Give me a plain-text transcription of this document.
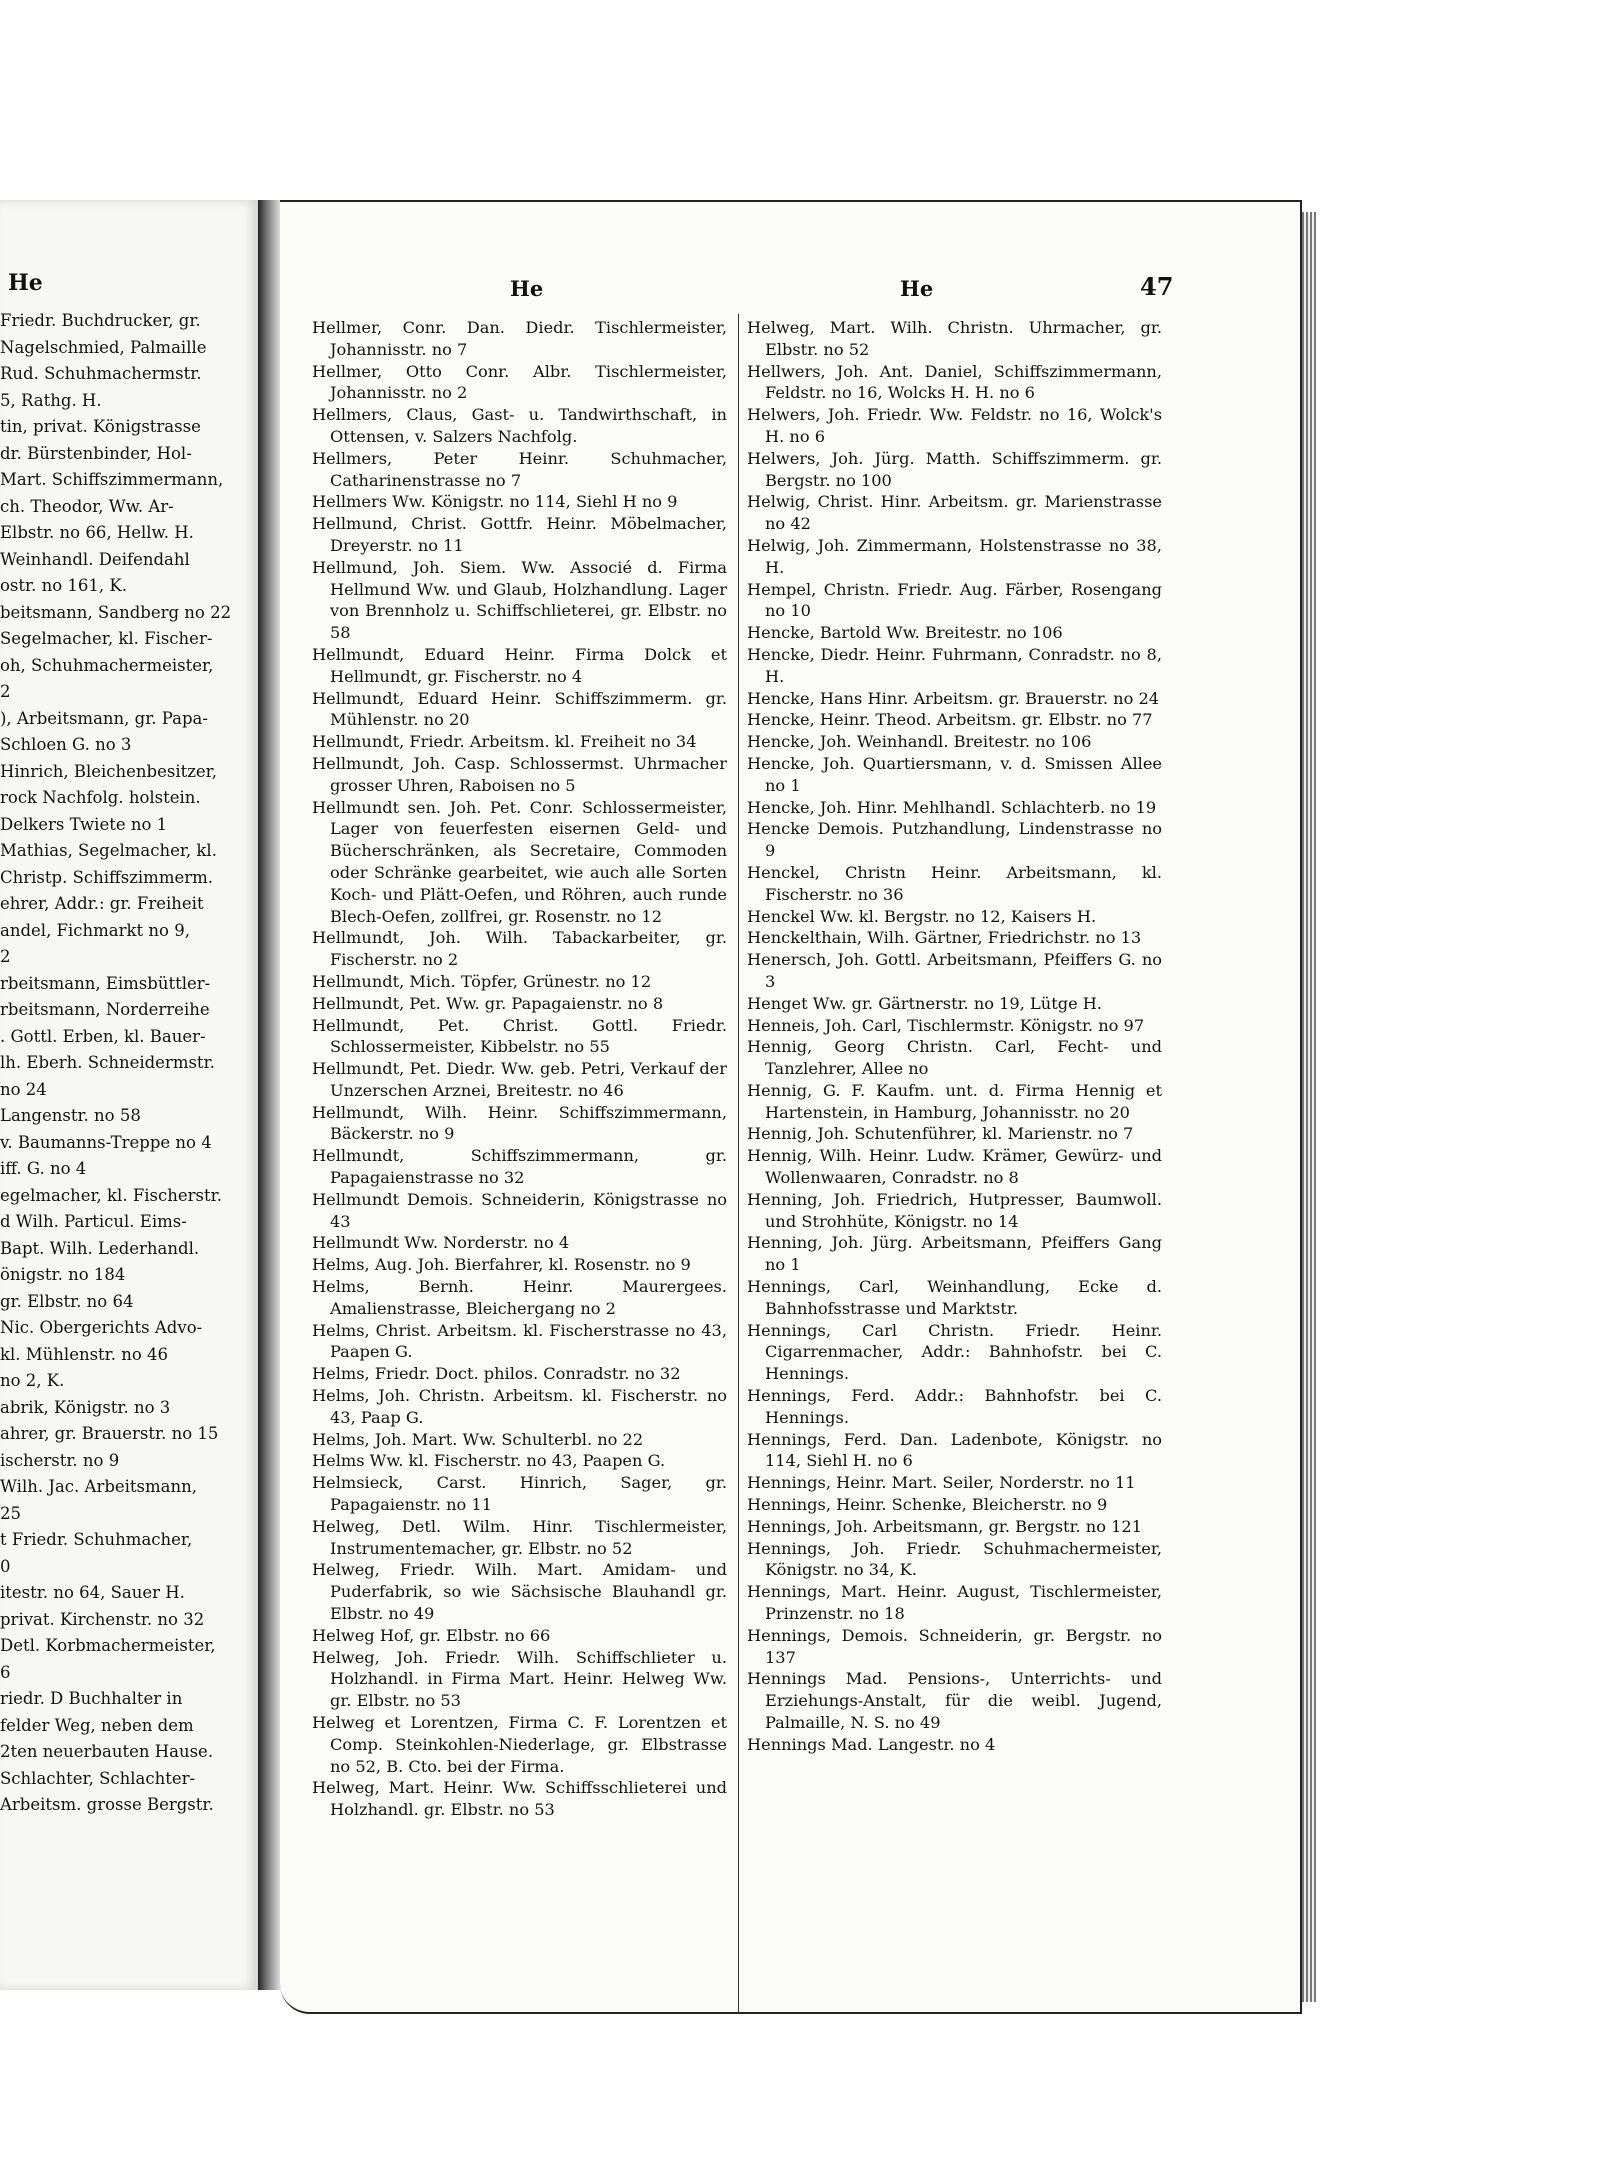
He
Friedr. Buchdrucker, gr.
Nagelschmied, Palmaille
Rud. Schuhmachermstr.
5, Rathg. H.
tin, privat. Königstrasse
dr. Bürstenbinder, Hol-
Mart. Schiffszimmermann,
ch. Theodor, Ww. Ar-
Elbstr. no 66, Hellw. H.
Weinhandl. Deifendahl
ostr. no 161, K.
beitsmann, Sandberg no 22
Segelmacher, kl. Fischer-
oh, Schuhmachermeister,
2
), Arbeitsmann, gr. Papa-
Schloen G. no 3
Hinrich, Bleichenbesitzer,
rock Nachfolg. holstein.
Delkers Twiete no 1
Mathias, Segelmacher, kl.
Christp. Schiffszimmerm.
ehrer, Addr.: gr. Freiheit
andel, Fichmarkt no 9,
2
rbeitsmann, Eimsbüttler-
rbeitsmann, Norderreihe
. Gottl. Erben, kl. Bauer-
lh. Eberh. Schneidermstr.
no 24
Langenstr. no 58
v. Baumanns-Treppe no 4
iff. G. no 4
egelmacher, kl. Fischerstr.
d Wilh. Particul. Eims-
Bapt. Wilh. Lederhandl.
önigstr. no 184
gr. Elbstr. no 64
Nic. Obergerichts Advo-
kl. Mühlenstr. no 46
no 2, K.
abrik, Königstr. no 3
ahrer, gr. Brauerstr. no 15
ischerstr. no 9
Wilh. Jac. Arbeitsmann,
25
t Friedr. Schuhmacher,
0
itestr. no 64, Sauer H.
privat. Kirchenstr. no 32
Detl. Korbmachermeister,
6
riedr. D Buchhalter in
felder Weg, neben dem
2ten neuerbauten Hause.
Schlachter, Schlachter-
Arbeitsm. grosse Bergstr.
He	He	47
Hellmer, Conr. Dan. Diedr. Tischlermeister, Johannisstr. no 7
Hellmer, Otto Conr. Albr. Tischlermeister, Johannisstr. no 2
Hellmers, Claus, Gast- u. Tandwirthschaft, in Ottensen, v. Salzers Nachfolg.
Hellmers, Peter Heinr. Schuhmacher, Catharinenstrasse no 7
Hellmers Ww. Königstr. no 114, Siehl H no 9
Hellmund, Christ. Gottfr. Heinr. Möbelmacher, Dreyerstr. no 11
Hellmund, Joh. Siem. Ww. Associé d. Firma Hellmund Ww. und Glaub, Holzhandlung. Lager von Brennholz u. Schiffschlieterei, gr. Elbstr. no 58
Hellmundt, Eduard Heinr. Firma Dolck et Hellmundt, gr. Fischerstr. no 4
Hellmundt, Eduard Heinr. Schiffszimmerm. gr. Mühlenstr. no 20
Hellmundt, Friedr. Arbeitsm. kl. Freiheit no 34
Hellmundt, Joh. Casp. Schlossermst. Uhrmacher grosser Uhren, Raboisen no 5
Hellmundt sen. Joh. Pet. Conr. Schlossermeister, Lager von feuerfesten eisernen Geld- und Bücherschränken, als Secretaire, Commoden oder Schränke gearbeitet, wie auch alle Sorten Koch- und Plätt-Oefen, und Röhren, auch runde Blech-Oefen, zollfrei, gr. Rosenstr. no 12
Hellmundt, Joh. Wilh. Tabackarbeiter, gr. Fischerstr. no 2
Hellmundt, Mich. Töpfer, Grünestr. no 12
Hellmundt, Pet. Ww. gr. Papagaienstr. no 8
Hellmundt, Pet. Christ. Gottl. Friedr. Schlossermeister, Kibbelstr. no 55
Hellmundt, Pet. Diedr. Ww. geb. Petri, Verkauf der Unzerschen Arznei, Breitestr. no 46
Hellmundt, Wilh. Heinr. Schiffszimmermann, Bäckerstr. no 9
Hellmundt, Schiffszimmermann, gr. Papagaienstrasse no 32
Hellmundt Demois. Schneiderin, Königstrasse no 43
Hellmundt Ww. Norderstr. no 4
Helms, Aug. Joh. Bierfahrer, kl. Rosenstr. no 9
Helms, Bernh. Heinr. Maurergees. Amalienstrasse, Bleichergang no 2
Helms, Christ. Arbeitsm. kl. Fischerstrasse no 43, Paapen G.
Helms, Friedr. Doct. philos. Conradstr. no 32
Helms, Joh. Christn. Arbeitsm. kl. Fischerstr. no 43, Paap G.
Helms, Joh. Mart. Ww. Schulterbl. no 22
Helms Ww. kl. Fischerstr. no 43, Paapen G.
Helmsieck, Carst. Hinrich, Sager, gr. Papagaienstr. no 11
Helweg, Detl. Wilm. Hinr. Tischlermeister, Instrumentemacher, gr. Elbstr. no 52
Helweg, Friedr. Wilh. Mart. Amidam- und Puderfabrik, so wie Sächsische Blauhandl gr. Elbstr. no 49
Helweg Hof, gr. Elbstr. no 66
Helweg, Joh. Friedr. Wilh. Schiffschlieter u. Holzhandl. in Firma Mart. Heinr. Helweg Ww. gr. Elbstr. no 53
Helweg et Lorentzen, Firma C. F. Lorentzen et Comp. Steinkohlen-Niederlage, gr. Elbstrasse no 52, B. Cto. bei der Firma.
Helweg, Mart. Heinr. Ww. Schiffsschlieterei und Holzhandl. gr. Elbstr. no 53
Helweg, Mart. Wilh. Christn. Uhrmacher, gr. Elbstr. no 52
Hellwers, Joh. Ant. Daniel, Schiffszimmermann, Feldstr. no 16, Wolcks H. H. no 6
Helwers, Joh. Friedr. Ww. Feldstr. no 16, Wolck's H. no 6
Helwers, Joh. Jürg. Matth. Schiffszimmerm. gr. Bergstr. no 100
Helwig, Christ. Hinr. Arbeitsm. gr. Marienstrasse no 42
Helwig, Joh. Zimmermann, Holstenstrasse no 38, H.
Hempel, Christn. Friedr. Aug. Färber, Rosengang no 10
Hencke, Bartold Ww. Breitestr. no 106
Hencke, Diedr. Heinr. Fuhrmann, Conradstr. no 8, H.
Hencke, Hans Hinr. Arbeitsm. gr. Brauerstr. no 24
Hencke, Heinr. Theod. Arbeitsm. gr. Elbstr. no 77
Hencke, Joh. Weinhandl. Breitestr. no 106
Hencke, Joh. Quartiersmann, v. d. Smissen Allee no 1
Hencke, Joh. Hinr. Mehlhandl. Schlachterb. no 19
Hencke Demois. Putzhandlung, Lindenstrasse no 9
Henckel, Christn Heinr. Arbeitsmann, kl. Fischerstr. no 36
Henckel Ww. kl. Bergstr. no 12, Kaisers H.
Henckelthain, Wilh. Gärtner, Friedrichstr. no 13
Henersch, Joh. Gottl. Arbeitsmann, Pfeiffers G. no 3
Henget Ww. gr. Gärtnerstr. no 19, Lütge H.
Henneis, Joh. Carl, Tischlermstr. Königstr. no 97
Hennig, Georg Christn. Carl, Fecht- und Tanzlehrer, Allee no
Hennig, G. F. Kaufm. unt. d. Firma Hennig et Hartenstein, in Hamburg, Johannisstr. no 20
Hennig, Joh. Schutenführer, kl. Marienstr. no 7
Hennig, Wilh. Heinr. Ludw. Krämer, Gewürz- und Wollenwaaren, Conradstr. no 8
Henning, Joh. Friedrich, Hutpresser, Baumwoll. und Strohhüte, Königstr. no 14
Henning, Joh. Jürg. Arbeitsmann, Pfeiffers Gang no 1
Hennings, Carl, Weinhandlung, Ecke d. Bahnhofsstrasse und Marktstr.
Hennings, Carl Christn. Friedr. Heinr. Cigarrenmacher, Addr.: Bahnhofstr. bei C. Hennings.
Hennings, Ferd. Addr.: Bahnhofstr. bei C. Hennings.
Hennings, Ferd. Dan. Ladenbote, Königstr. no 114, Siehl H. no 6
Hennings, Heinr. Mart. Seiler, Norderstr. no 11
Hennings, Heinr. Schenke, Bleicherstr. no 9
Hennings, Joh. Arbeitsmann, gr. Bergstr. no 121
Hennings, Joh. Friedr. Schuhmachermeister, Königstr. no 34, K.
Hennings, Mart. Heinr. August, Tischlermeister, Prinzenstr. no 18
Hennings, Demois. Schneiderin, gr. Bergstr. no 137
Hennings Mad. Pensions-, Unterrichts- und Erziehungs-Anstalt, für die weibl. Jugend, Palmaille, N. S. no 49
Hennings Mad. Langestr. no 4
